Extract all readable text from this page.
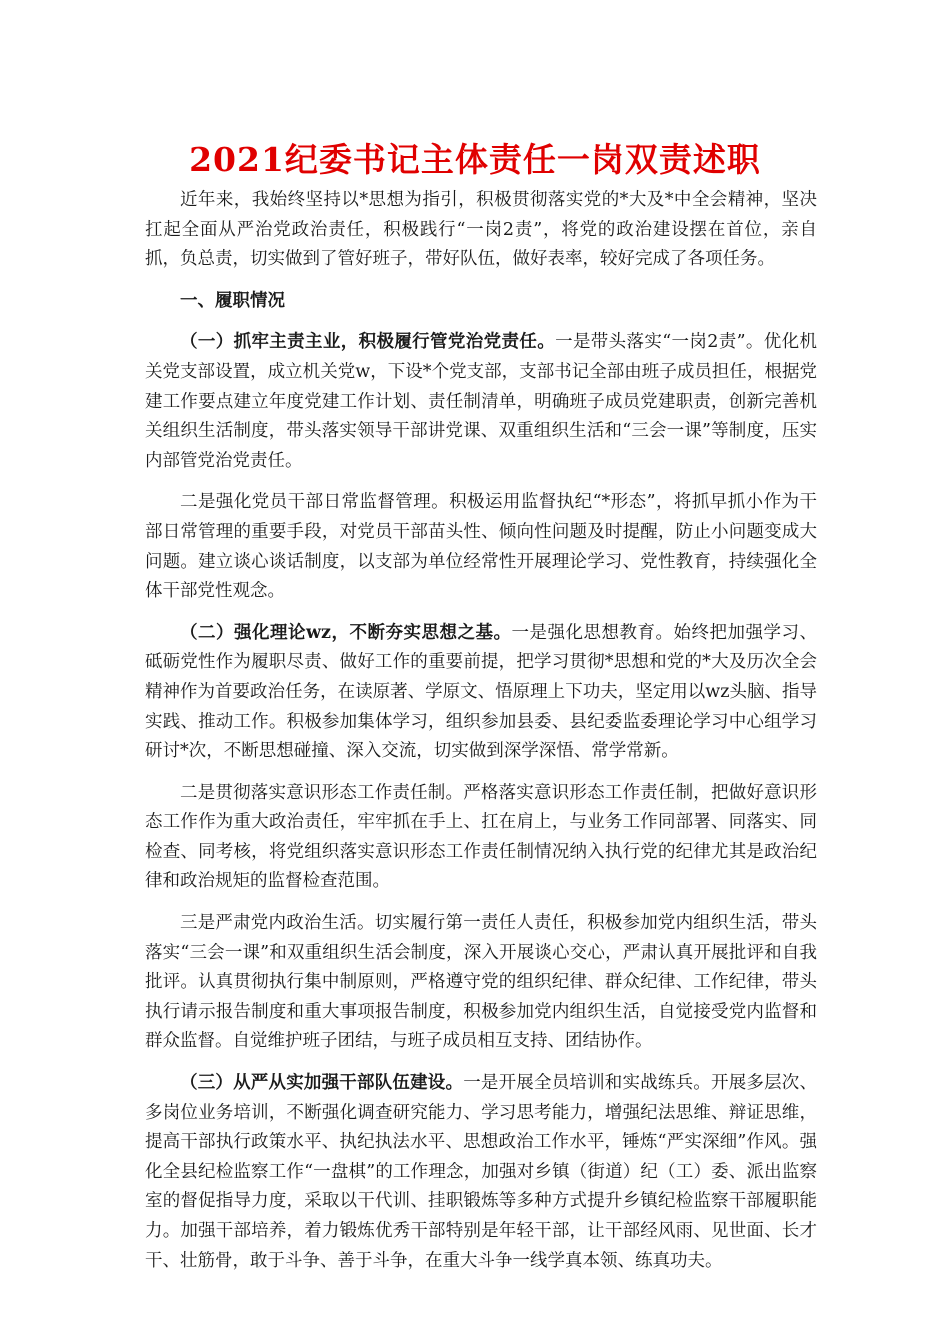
2021纪委书记主体责任一岗双责述职

近年来，我始终坚持以*思想为指引，积极贯彻落实党的*大及*中全会精神，坚决扛起全面从严治党政治责任，积极践行“一岗2责”，将党的政治建设摆在首位，亲自抓，负总责，切实做到了管好班子，带好队伍，做好表率，较好完成了各项任务。

一、履职情况

（一）抓牢主责主业，积极履行管党治党责任。一是带头落实“一岗2责”。优化机关党支部设置，成立机关党w，下设*个党支部，支部书记全部由班子成员担任，根据党建工作要点建立年度党建工作计划、责任制清单，明确班子成员党建职责，创新完善机关组织生活制度，带头落实领导干部讲党课、双重组织生活和“三会一课”等制度，压实内部管党治党责任。

二是强化党员干部日常监督管理。积极运用监督执纪“*形态”，将抓早抓小作为干部日常管理的重要手段，对党员干部苗头性、倾向性问题及时提醒，防止小问题变成大问题。建立谈心谈话制度，以支部为单位经常性开展理论学习、党性教育，持续强化全体干部党性观念。

（二）强化理论wz，不断夯实思想之基。一是强化思想教育。始终把加强学习、砥砺党性作为履职尽责、做好工作的重要前提，把学习贯彻*思想和党的*大及历次全会精神作为首要政治任务，在读原著、学原文、悟原理上下功夫，坚定用以wz头脑、指导实践、推动工作。积极参加集体学习，组织参加县委、县纪委监委理论学习中心组学习研讨*次，不断思想碰撞、深入交流，切实做到深学深悟、常学常新。

二是贯彻落实意识形态工作责任制。严格落实意识形态工作责任制，把做好意识形态工作作为重大政治责任，牢牢抓在手上、扛在肩上，与业务工作同部署、同落实、同检查、同考核，将党组织落实意识形态工作责任制情况纳入执行党的纪律尤其是政治纪律和政治规矩的监督检查范围。

三是严肃党内政治生活。切实履行第一责任人责任，积极参加党内组织生活，带头落实“三会一课”和双重组织生活会制度，深入开展谈心交心，严肃认真开展批评和自我批评。认真贯彻执行集中制原则，严格遵守党的组织纪律、群众纪律、工作纪律，带头执行请示报告制度和重大事项报告制度，积极参加党内组织生活，自觉接受党内监督和群众监督。自觉维护班子团结，与班子成员相互支持、团结协作。

（三）从严从实加强干部队伍建设。一是开展全员培训和实战练兵。开展多层次、多岗位业务培训，不断强化调查研究能力、学习思考能力，增强纪法思维、辩证思维，提高干部执行政策水平、执纪执法水平、思想政治工作水平，锤炼“严实深细”作风。强化全县纪检监察工作“一盘棋”的工作理念，加强对乡镇（街道）纪（工）委、派出监察室的督促指导力度，采取以干代训、挂职锻炼等多种方式提升乡镇纪检监察干部履职能力。加强干部培养，着力锻炼优秀干部特别是年轻干部，让干部经风雨、见世面、长才干、壮筋骨，敢于斗争、善于斗争，在重大斗争一线学真本领、练真功夫。
